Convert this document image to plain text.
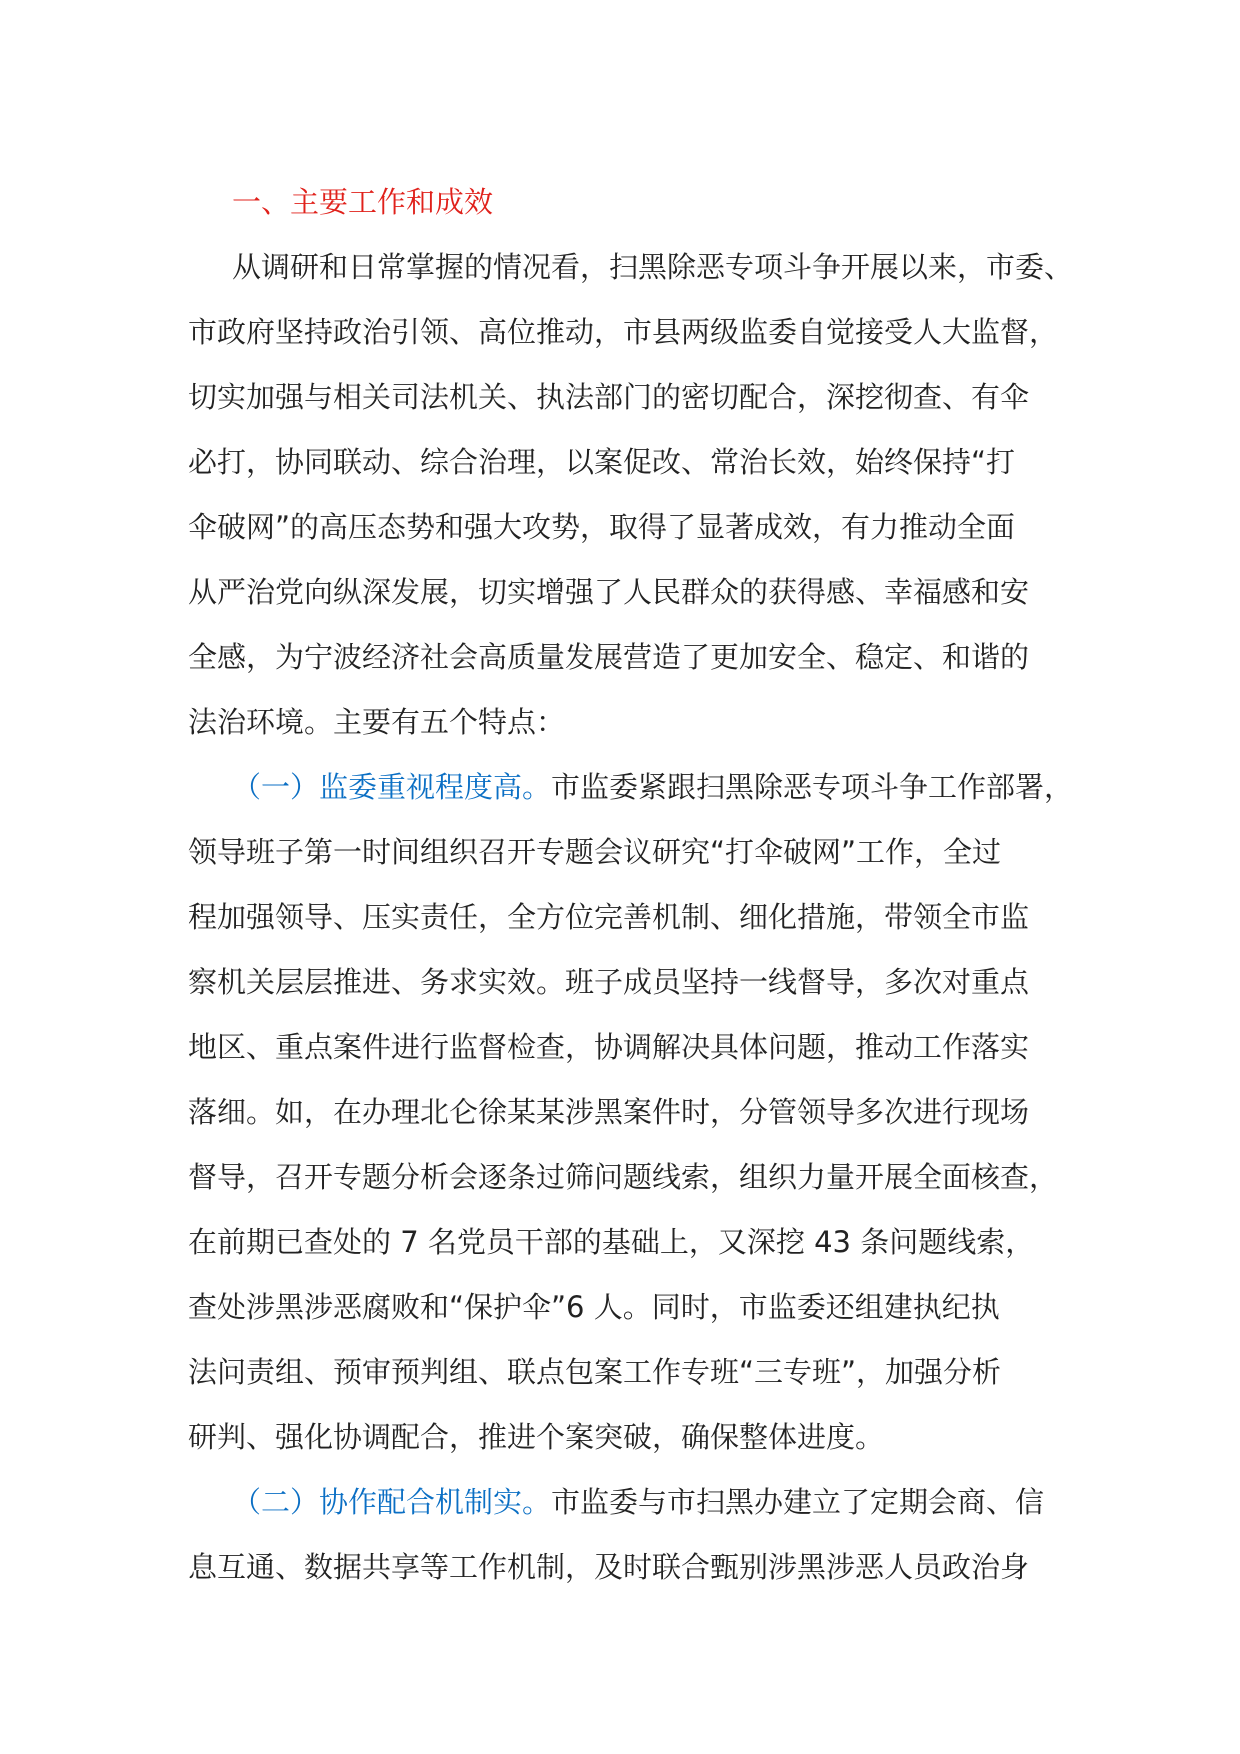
一、主要工作和成效

从调研和日常掌握的情况看，扫黑除恶专项斗争开展以来，市委、
市政府坚持政治引领、高位推动，市县两级监委自觉接受人大监督，
切实加强与相关司法机关、执法部门的密切配合，深挖彻查、有伞
必打，协同联动、综合治理，以案促改、常治长效，始终保持“打
伞破网”的高压态势和强大攻势，取得了显著成效，有力推动全面
从严治党向纵深发展，切实增强了人民群众的获得感、幸福感和安
全感，为宁波经济社会高质量发展营造了更加安全、稳定、和谐的
法治环境。主要有五个特点：

（一）监委重视程度高。市监委紧跟扫黑除恶专项斗争工作部署，
领导班子第一时间组织召开专题会议研究“打伞破网”工作，全过
程加强领导、压实责任，全方位完善机制、细化措施，带领全市监
察机关层层推进、务求实效。班子成员坚持一线督导，多次对重点
地区、重点案件进行监督检查，协调解决具体问题，推动工作落实
落细。如，在办理北仑徐某某涉黑案件时，分管领导多次进行现场
督导，召开专题分析会逐条过筛问题线索，组织力量开展全面核查，
在前期已查处的 7 名党员干部的基础上，又深挖 43 条问题线索，
查处涉黑涉恶腐败和“保护伞”6 人。同时，市监委还组建执纪执
法问责组、预审预判组、联点包案工作专班“三专班”，加强分析
研判、强化协调配合，推进个案突破，确保整体进度。

（二）协作配合机制实。市监委与市扫黑办建立了定期会商、信
息互通、数据共享等工作机制，及时联合甄别涉黑涉恶人员政治身
